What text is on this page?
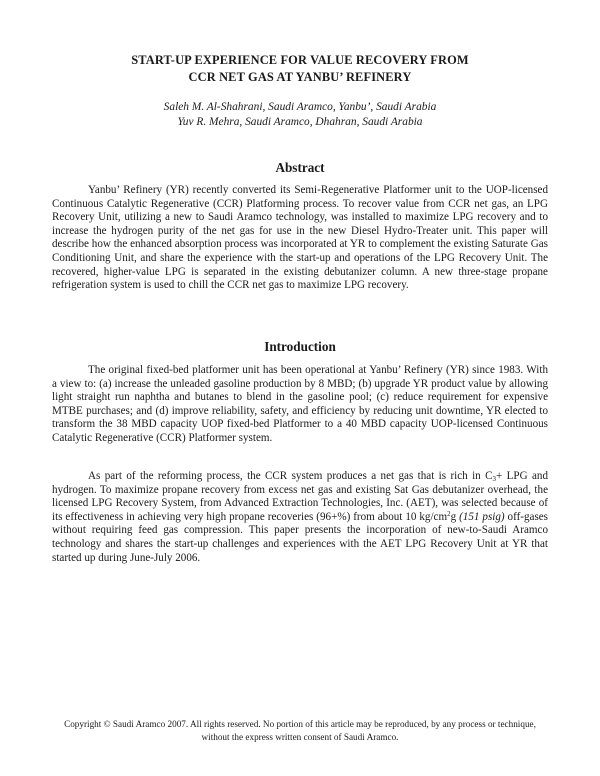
START-UP EXPERIENCE FOR VALUE RECOVERY FROM
CCR NET GAS AT YANBU’ REFINERY
Saleh M. Al-Shahrani, Saudi Aramco, Yanbu’, Saudi Arabia
Yuv R. Mehra, Saudi Aramco, Dhahran, Saudi Arabia
Abstract

Yanbu’ Refinery (YR) recently converted its Semi-Regenerative Platformer unit to the UOP-licensed Continuous Catalytic Regenerative (CCR) Platforming process. To recover value from CCR net gas, an LPG Recovery Unit, utilizing a new to Saudi Aramco technology, was installed to maximize LPG recovery and to increase the hydrogen purity of the net gas for use in the new Diesel Hydro-Treater unit. This paper will describe how the enhanced absorption process was incorporated at YR to complement the existing Saturate Gas Conditioning Unit, and share the experience with the start-up and operations of the LPG Recovery Unit. The recovered, higher-value LPG is separated in the existing debutanizer column. A new three-stage propane refrigeration system is used to chill the CCR net gas to maximize LPG recovery.

Introduction

The original fixed-bed platformer unit has been operational at Yanbu’ Refinery (YR) since 1983. With a view to: (a) increase the unleaded gasoline production by 8 MBD; (b) upgrade YR product value by allowing light straight run naphtha and butanes to blend in the gasoline pool; (c) reduce requirement for expensive MTBE purchases; and (d) improve reliability, safety, and efficiency by reducing unit downtime, YR elected to transform the 38 MBD capacity UOP fixed-bed Platformer to a 40 MBD capacity UOP-licensed Continuous Catalytic Regenerative (CCR) Platformer system.

As part of the reforming process, the CCR system produces a net gas that is rich in $C_3+$ LPG and hydrogen. To maximize propane recovery from excess net gas and existing Sat Gas debutanizer overhead, the licensed LPG Recovery System, from Advanced Extraction Technologies, Inc. (AET), was selected because of its effectiveness in achieving very high propane recoveries (96+%) from about 10 $kg/cm^2g$ (151 psig) off-gases without requiring feed gas compression. This paper presents the incorporation of new-to-Saudi Aramco technology and shares the start-up challenges and experiences with the AET LPG Recovery Unit at YR that started up during June-July 2006.

Copyright © Saudi Aramco 2007. All rights reserved. No portion of this article may be reproduced, by any process or technique, without the express written consent of Saudi Aramco.
